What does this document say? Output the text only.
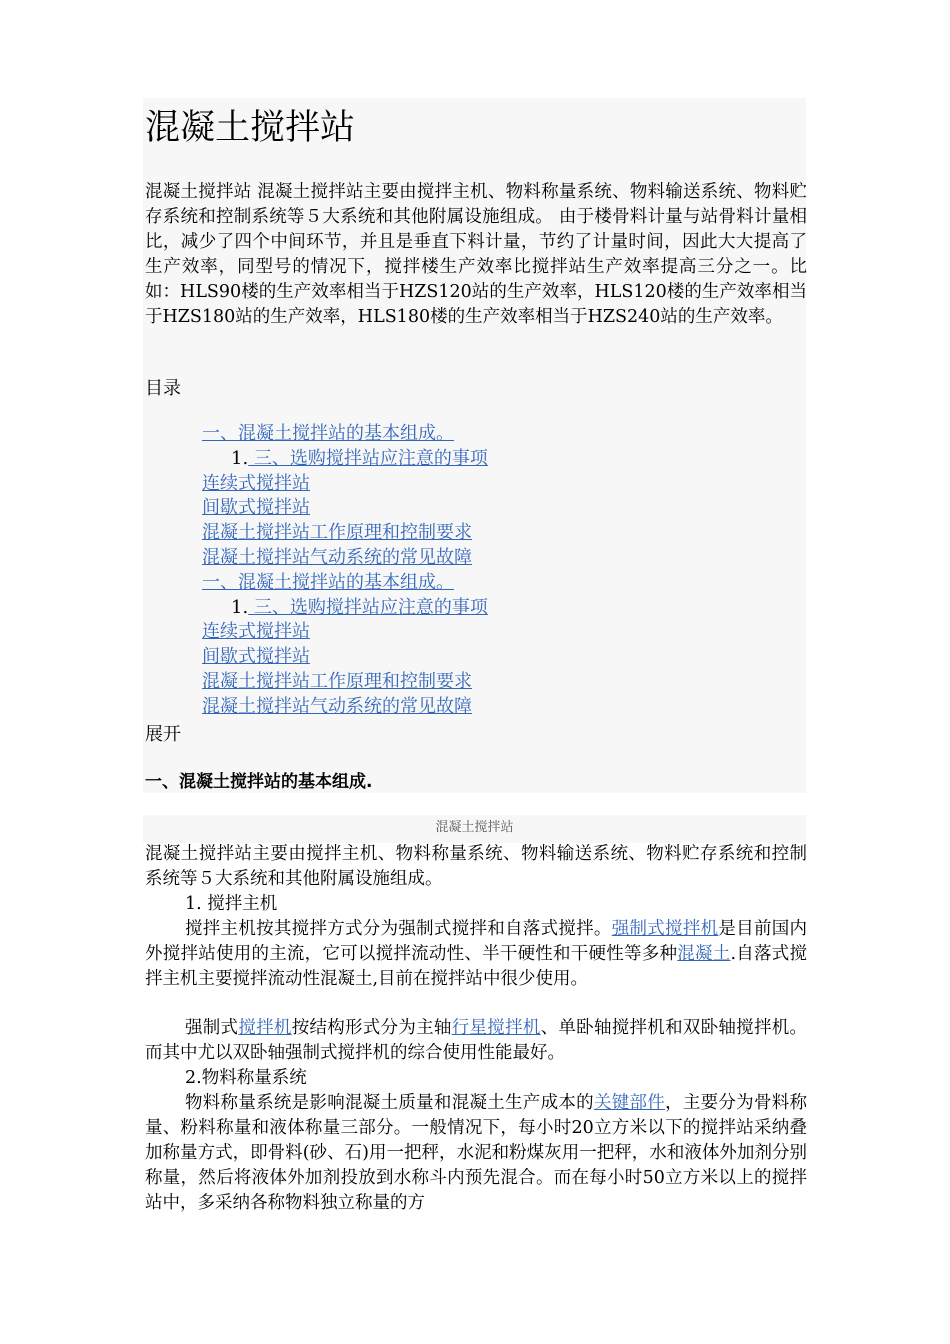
混凝土搅拌站

混凝土搅拌站 混凝土搅拌站主要由搅拌主机、物料称量系统、物料输送系统、物料贮存系统和控制系统等５大系统和其他附属设施组成。 由于楼骨料计量与站骨料计量相比，减少了四个中间环节，并且是垂直下料计量，节约了计量时间，因此大大提高了生产效率，同型号的情况下，搅拌楼生产效率比搅拌站生产效率提高三分之一。比如：HLS90楼的生产效率相当于HZS120站的生产效率，HLS120楼的生产效率相当于HZS180站的生产效率，HLS180楼的生产效率相当于HZS240站的生产效率。

目录

一、混凝土搅拌站的基本组成。
1. 三、选购搅拌站应注意的事项
连续式搅拌站
间歇式搅拌站
混凝土搅拌站工作原理和控制要求
混凝土搅拌站气动系统的常见故障
一、混凝土搅拌站的基本组成。
1. 三、选购搅拌站应注意的事项
连续式搅拌站
间歇式搅拌站
混凝土搅拌站工作原理和控制要求
混凝土搅拌站气动系统的常见故障

展开

一、混凝土搅拌站的基本组成.
混凝土搅拌站

混凝土搅拌站主要由搅拌主机、物料称量系统、物料输送系统、物料贮存系统和控制系统等５大系统和其他附属设施组成。

1. 搅拌主机

搅拌主机按其搅拌方式分为强制式搅拌和自落式搅拌。强制式搅拌机是目前国内外搅拌站使用的主流，它可以搅拌流动性、半干硬性和干硬性等多种混凝土.自落式搅拌主机主要搅拌流动性混凝土,目前在搅拌站中很少使用。

强制式搅拌机按结构形式分为主轴行星搅拌机、单卧轴搅拌机和双卧轴搅拌机。而其中尤以双卧轴强制式搅拌机的综合使用性能最好。

2.物料称量系统

物料称量系统是影响混凝土质量和混凝土生产成本的关键部件，主要分为骨料称量、粉料称量和液体称量三部分。一般情况下，每小时20立方米以下的搅拌站采纳叠加称量方式，即骨料(砂、石)用一把秤，水泥和粉煤灰用一把秤，水和液体外加剂分别称量，然后将液体外加剂投放到水称斗内预先混合。而在每小时50立方米以上的搅拌站中，多采纳各称物料独立称量的方
